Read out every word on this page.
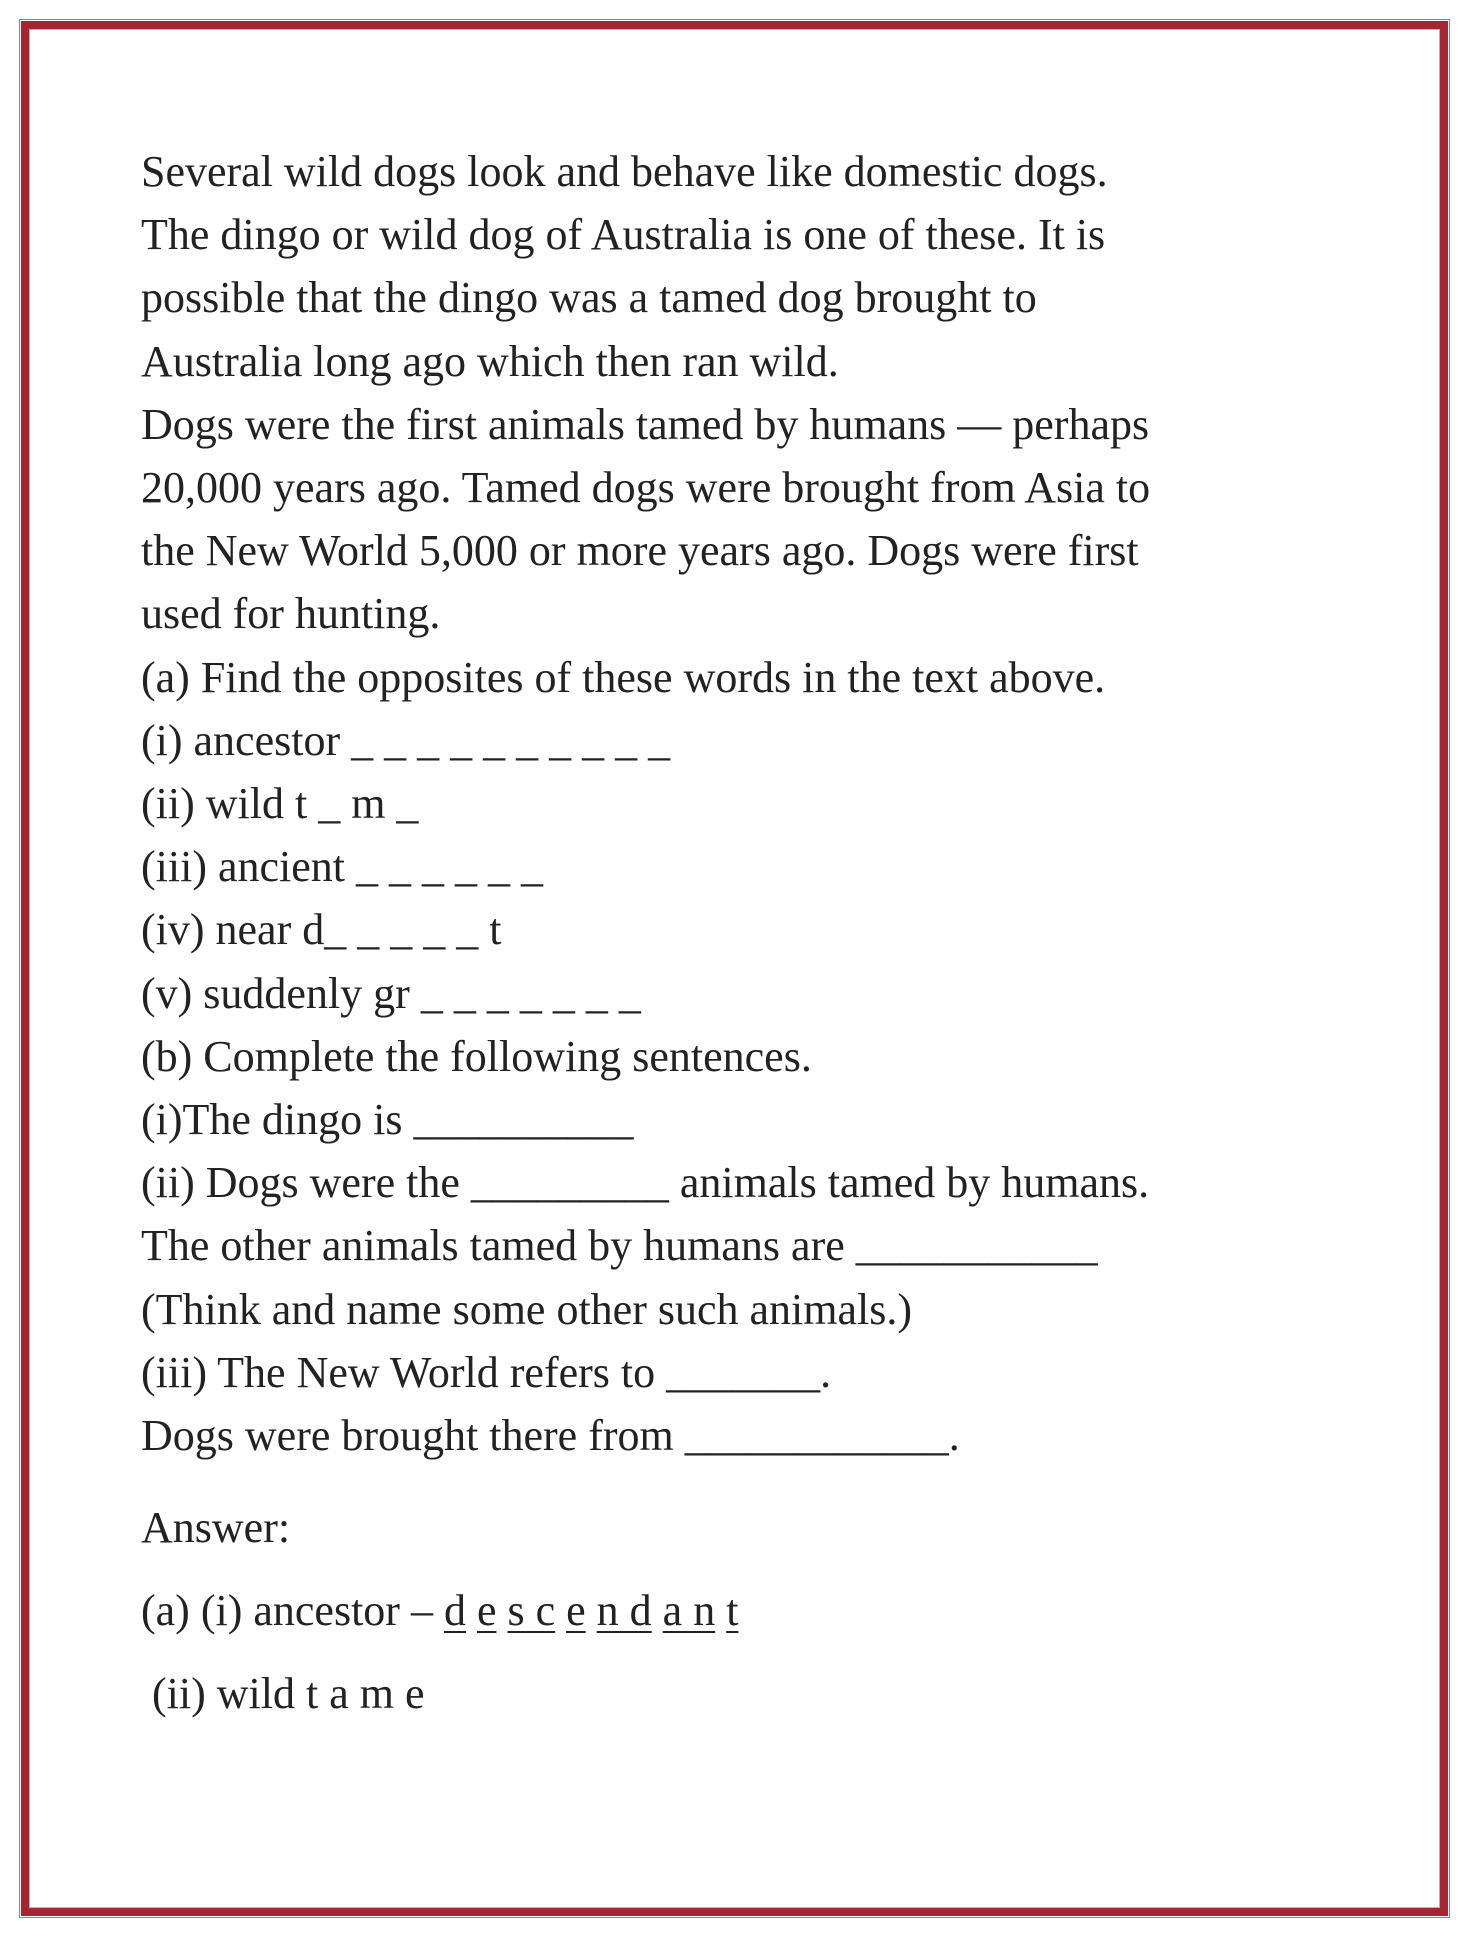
Several wild dogs look and behave like domestic dogs.
The dingo or wild dog of Australia is one of these. It is
possible that the dingo was a tamed dog brought to
Australia long ago which then ran wild.
Dogs were the first animals tamed by humans — perhaps
20,000 years ago. Tamed dogs were brought from Asia to
the New World 5,000 or more years ago. Dogs were first
used for hunting.
(a) Find the opposites of these words in the text above.
(i) ancestor _ _ _ _ _ _ _ _ _ _
(ii) wild t _ m _
(iii) ancient _ _ _ _ _ _
(iv) near d_ _ _ _ _ t
(v) suddenly gr _ _ _ _ _ _ _
(b) Complete the following sentences.
(i)The dingo is __________
(ii) Dogs were the _________ animals tamed by humans.
The other animals tamed by humans are ___________
(Think and name some other such animals.)
(iii) The New World refers to _______.
Dogs were brought there from ____________.
Answer:
(a) (i) ancestor – d e s c e n d a n t
(ii) wild t a m e
